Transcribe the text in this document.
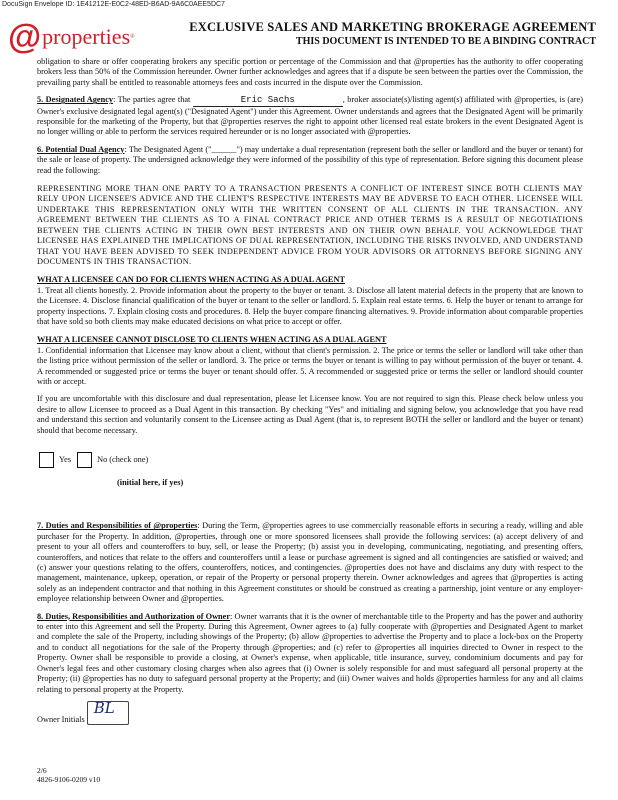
DocuSign Envelope ID: 1E41212E-E0C2-48ED-B6AD-9A6C0AEE5DC7
@ properties ®
EXCLUSIVE SALES AND MARKETING BROKERAGE AGREEMENT
THIS DOCUMENT IS INTENDED TO BE A BINDING CONTRACT

obligation to share or offer cooperating brokers any specific portion or percentage of the Commission and that @properties has the authority to offer cooperating brokers less than 50% of the Commission hereunder. Owner further acknowledges and agrees that if a dispute be seen between the parties over the Commission, the prevailing party shall be entitled to reasonable attorneys fees and costs incurred in the dispute over the Commission.

5. Designated Agency: The parties agree that	Eric Sachs	, broker associate(s)/listing agent(s) affiliated with @properties, is (are) Owner's exclusive designated legal agent(s) ("Designated Agent") under this Agreement. Owner understands and agrees that the Designated Agent will be primarily responsible for the marketing of the Property, but that @properties reserves the right to appoint other licensed real estate brokers in the event Designated Agent is no longer willing or able to perform the services required hereunder or is no longer associated with @properties.

6. Potential Dual Agency: The Designated Agent ("______") may undertake a dual representation (represent both the seller or landlord and the buyer or tenant) for the sale or lease of property. The undersigned acknowledge they were informed of the possibility of this type of representation. Before signing this document please read the following:

REPRESENTING MORE THAN ONE PARTY TO A TRANSACTION PRESENTS A CONFLICT OF INTEREST SINCE BOTH CLIENTS MAY RELY UPON LICENSEE'S ADVICE AND THE CLIENT'S RESPECTIVE INTERESTS MAY BE ADVERSE TO EACH OTHER. LICENSEE WILL UNDERTAKE THIS REPRESENTATION ONLY WITH THE WRITTEN CONSENT OF ALL CLIENTS IN THE TRANSACTION. ANY AGREEMENT BETWEEN THE CLIENTS AS TO A FINAL CONTRACT PRICE AND OTHER TERMS IS A RESULT OF NEGOTIATIONS BETWEEN THE CLIENTS ACTING IN THEIR OWN BEST INTERESTS AND ON THEIR OWN BEHALF. YOU ACKNOWLEDGE THAT LICENSEE HAS EXPLAINED THE IMPLICATIONS OF DUAL REPRESENTATION, INCLUDING THE RISKS INVOLVED, AND UNDERSTAND THAT YOU HAVE BEEN ADVISED TO SEEK INDEPENDENT ADVICE FROM YOUR ADVISORS OR ATTORNEYS BEFORE SIGNING ANY DOCUMENTS IN THIS TRANSACTION.

WHAT A LICENSEE CAN DO FOR CLIENTS WHEN ACTING AS A DUAL AGENT

1. Treat all clients honestly. 2. Provide information about the property to the buyer or tenant. 3. Disclose all latent material defects in the property that are known to the Licensee. 4. Disclose financial qualification of the buyer or tenant to the seller or landlord. 5. Explain real estate terms. 6. Help the buyer or tenant to arrange for property inspections. 7. Explain closing costs and procedures. 8. Help the buyer compare financing alternatives. 9. Provide information about comparable properties that have sold so both clients may make educated decisions on what price to accept or offer.

WHAT A LICENSEE CANNOT DISCLOSE TO CLIENTS WHEN ACTING AS A DUAL AGENT

1. Confidential information that Licensee may know about a client, without that client's permission. 2. The price or terms the seller or landlord will take other than the listing price without permission of the seller or landlord. 3. The price or terms the buyer or tenant is willing to pay without permission of the buyer or tenant. 4. A recommended or suggested price or terms the buyer or tenant should offer. 5. A recommended or suggested price or terms the seller or landlord should counter with or accept.

If you are uncomfortable with this disclosure and dual representation, please let Licensee know. You are not required to sign this. Please check below unless you desire to allow Licensee to proceed as a Dual Agent in this transaction. By checking "Yes" and initialing and signing below, you acknowledge that you have read and understand this section and voluntarily consent to the Licensee acting as Dual Agent (that is, to represent BOTH the seller or landlord and the buyer or tenant) should that become necessary.

Yes	No (check one)

(initial here, if yes)

7. Duties and Responsibilities of @properties: During the Term, @properties agrees to use commercially reasonable efforts in securing a ready, willing and able purchaser for the Property. In addition, @properties, through one or more sponsored licensees shall provide the following services: (a) accept delivery of and present to your all offers and counteroffers to buy, sell, or lease the Property; (b) assist you in developing, communicating, negotiating, and presenting offers, counteroffers, and notices that relate to the offers and counteroffers until a lease or purchase agreement is signed and all contingencies are satisfied or waived; and (c) answer your questions relating to the offers, counteroffers, notices, and contingencies. @properties does not have and disclaims any duty with respect to the management, maintenance, upkeep, operation, or repair of the Property or personal property therein. Owner acknowledges and agrees that @properties is acting solely as an independent contractor and that nothing in this Agreement constitutes or should be construed as creating a partnership, joint venture or any employer-employee relationship between Owner and @properties.

8. Duties, Responsibilities and Authorization of Owner: Owner warrants that it is the owner of merchantable title to the Property and has the power and authority to enter into this Agreement and sell the Property. During this Agreement, Owner agrees to (a) fully cooperate with @properties and Designated Agent to market and complete the sale of the Property, including showings of the Property; (b) allow @properties to advertise the Property and to place a lock-box on the Property and to conduct all negotiations for the sale of the Property through @properties; and (c) refer to @properties all inquiries directed to Owner in respect to the Property. Owner shall be responsible to provide a closing, at Owner's expense, when applicable, title insurance, survey, condominium documents and pay for Owner's legal fees and other customary closing charges when also agrees that (i) Owner is solely responsible for and must safeguard all personal property at the Property; (ii) @properties has no duty to safeguard personal property at the Property; and (iii) Owner waives and holds @properties harmless for any and all claims relating to personal property at the Property.

Owner Initials
BL
2/6
4826-9106-0209 v10
